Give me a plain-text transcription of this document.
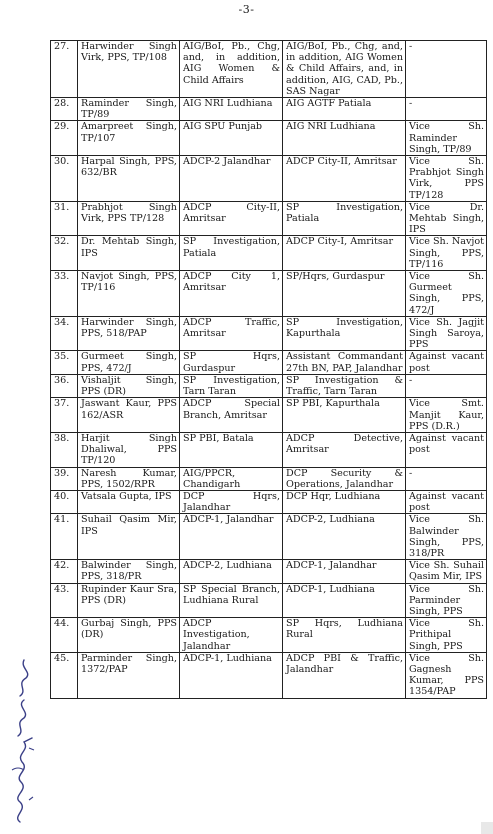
-3-
27.	Harwinder Singh Virk, PPS, TP/108	AIG/BoI, Pb., Chg, and, in addition, AIG Women & Child Affairs	AIG/BoI, Pb., Chg, and, in addition, AIG Women & Child Affairs, and, in addition, AIG, CAD, Pb., SAS Nagar	-
28.	Raminder Singh, TP/89	AIG NRI Ludhiana	AIG AGTF Patiala	-
29.	Amarpreet Singh, TP/107	AIG SPU Punjab	AIG NRI Ludhiana	Vice Sh. Raminder Singh, TP/89
30.	Harpal Singh, PPS, 632/BR	ADCP-2 Jalandhar	ADCP City-II, Amritsar	Vice Sh. Prabhjot Singh Virk, PPS TP/128
31.	Prabhjot Singh Virk, PPS TP/128	ADCP City-II, Amritsar	SP Investigation, Patiala	Vice Dr. Mehtab Singh, IPS
32.	Dr. Mehtab Singh, IPS	SP Investigation, Patiala	ADCP City-I, Amritsar	Vice Sh. Navjot Singh, PPS, TP/116
33.	Navjot Singh, PPS, TP/116	ADCP City 1, Amritsar	SP/Hqrs, Gurdaspur	Vice Sh. Gurmeet Singh, PPS, 472/J
34.	Harwinder Singh, PPS, 518/PAP	ADCP Traffic, Amritsar	SP Investigation, Kapurthala	Vice Sh. Jagjit Singh Saroya, PPS
35.	Gurmeet Singh, PPS, 472/J	SP Hqrs, Gurdaspur	Assistant Commandant 27th BN, PAP, Jalandhar	Against vacant post
36.	Vishaljit Singh, PPS (DR)	SP Investigation, Tarn Taran	SP Investigation & Traffic, Tarn Taran	-
37.	Jaswant Kaur, PPS 162/ASR	ADCP Special Branch, Amritsar	SP PBI, Kapurthala	Vice Smt. Manjit Kaur, PPS (D.R.)
38.	Harjit Singh Dhaliwal, PPS TP/120	SP PBI, Batala	ADCP Detective, Amritsar	Against vacant post
39.	Naresh Kumar, PPS, 1502/RPR	AIG/PPCR, Chandigarh	DCP Security & Operations, Jalandhar	-
40.	Vatsala Gupta, IPS	DCP Hqrs, Jalandhar	DCP Hqr, Ludhiana	Against vacant post
41.	Suhail Qasim Mir, IPS	ADCP-1, Jalandhar	ADCP-2, Ludhiana	Vice Sh. Balwinder Singh, PPS, 318/PR
42.	Balwinder Singh, PPS, 318/PR	ADCP-2, Ludhiana	ADCP-1, Jalandhar	Vice Sh. Suhail Qasim Mir, IPS
43.	Rupinder Kaur Sra, PPS (DR)	SP Special Branch, Ludhiana Rural	ADCP-1, Ludhiana	Vice Sh. Parminder Singh, PPS
44.	Gurbaj Singh, PPS (DR)	ADCP Investigation, Jalandhar	SP Hqrs, Ludhiana Rural	Vice Sh. Prithipal Singh, PPS
45.	Parminder Singh, 1372/PAP	ADCP-1, Ludhiana	ADCP PBI & Traffic, Jalandhar	Vice Sh. Gagnesh Kumar, PPS 1354/PAP
